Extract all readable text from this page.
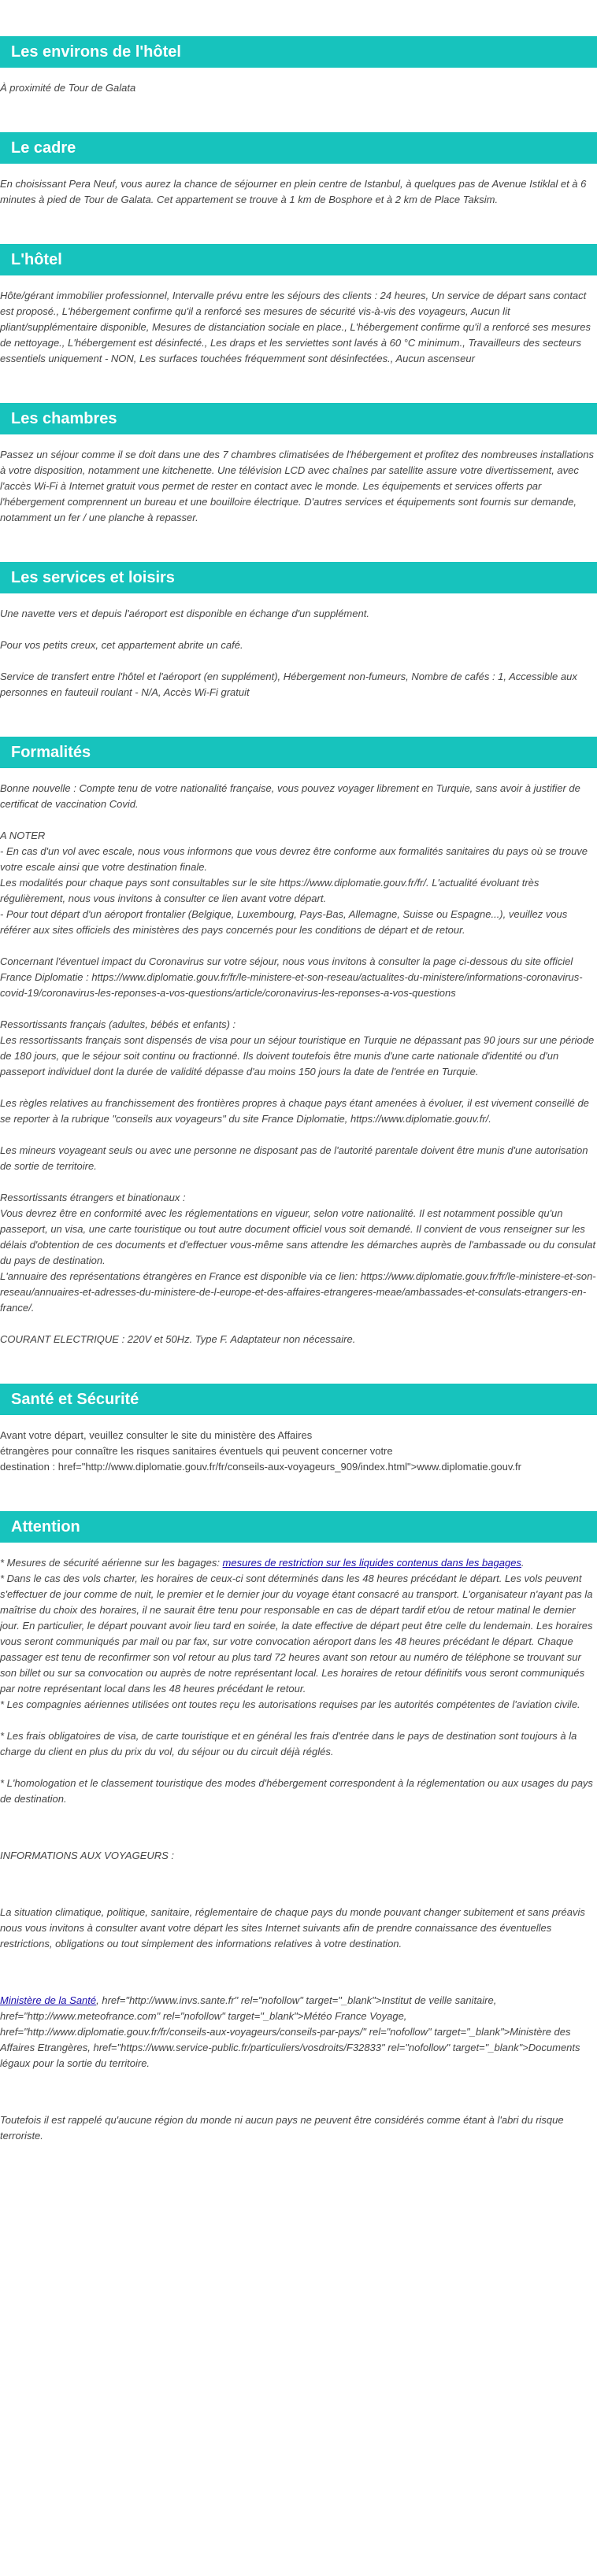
Les environs de l'hôtel

À proximité de Tour de Galata

Le cadre

En choisissant Pera Neuf, vous aurez la chance de séjourner en plein centre de Istanbul, à quelques pas de Avenue Istiklal et à 6 minutes à pied de Tour de Galata. Cet appartement se trouve à 1 km de Bosphore et à 2 km de Place Taksim.

L'hôtel

Hôte/gérant immobilier professionnel, Intervalle prévu entre les séjours des clients : 24 heures, Un service de départ sans contact est proposé., L'hébergement confirme qu'il a renforcé ses mesures de sécurité vis-à-vis des voyageurs, Aucun lit pliant/supplémentaire disponible, Mesures de distanciation sociale en place., L'hébergement confirme qu'il a renforcé ses mesures de nettoyage., L'hébergement est désinfecté., Les draps et les serviettes sont lavés à 60 °C minimum., Travailleurs des secteurs essentiels uniquement - NON, Les surfaces touchées fréquemment sont désinfectées., Aucun ascenseur

Les chambres

Passez un séjour comme il se doit dans une des 7 chambres climatisées de l'hébergement et profitez des nombreuses installations à votre disposition, notamment une kitchenette. Une télévision LCD avec chaînes par satellite assure votre divertissement, avec l'accès Wi-Fi à Internet gratuit vous permet de rester en contact avec le monde. Les équipements et services offerts par l'hébergement comprennent un bureau et une bouilloire électrique. D'autres services et équipements sont fournis sur demande, notamment un fer / une planche à repasser.

Les services et loisirs

Une navette vers et depuis l'aéroport est disponible en échange d'un supplément.

Pour vos petits creux, cet appartement abrite un café.

Service de transfert entre l'hôtel et l'aéroport (en supplément), Hébergement non-fumeurs, Nombre de cafés : 1, Accessible aux personnes en fauteuil roulant - N/A, Accès Wi-Fi gratuit

Formalités

Bonne nouvelle : Compte tenu de votre nationalité française, vous pouvez voyager librement en Turquie, sans avoir à justifier de certificat de vaccination Covid.

A NOTER

- En cas d'un vol avec escale, nous vous informons que vous devrez être conforme aux formalités sanitaires du pays où se trouve votre escale ainsi que votre destination finale.

Les modalités pour chaque pays sont consultables sur le site https://www.diplomatie.gouv.fr/fr/. L'actualité évoluant très régulièrement, nous vous invitons à consulter ce lien avant votre départ.

- Pour tout départ d'un aéroport frontalier (Belgique, Luxembourg, Pays-Bas, Allemagne, Suisse ou Espagne...), veuillez vous référer aux sites officiels des ministères des pays concernés pour les conditions de départ et de retour.

Concernant l'éventuel impact du Coronavirus sur votre séjour, nous vous invitons à consulter la page ci-dessous du site officiel France Diplomatie : https://www.diplomatie.gouv.fr/fr/le-ministere-et-son-reseau/actualites-du-ministere/informations-coronavirus-covid-19/coronavirus-les-reponses-a-vos-questions/article/coronavirus-les-reponses-a-vos-questions

Ressortissants français (adultes, bébés et enfants) :

Les ressortissants français sont dispensés de visa pour un séjour touristique en Turquie ne dépassant pas 90 jours sur une période de 180 jours, que le séjour soit continu ou fractionné. Ils doivent toutefois être munis d'une carte nationale d'identité ou d'un passeport individuel dont la durée de validité dépasse d'au moins 150 jours la date de l'entrée en Turquie.

Les règles relatives au franchissement des frontières propres à chaque pays étant amenées à évoluer, il est vivement conseillé de se reporter à la rubrique "conseils aux voyageurs" du site France Diplomatie, https://www.diplomatie.gouv.fr/.

Les mineurs voyageant seuls ou avec une personne ne disposant pas de l'autorité parentale doivent être munis d'une autorisation de sortie de territoire.

Ressortissants étrangers et binationaux :

Vous devrez être en conformité avec les réglementations en vigueur, selon votre nationalité. Il est notamment possible qu'un passeport, un visa, une carte touristique ou tout autre document officiel vous soit demandé. Il convient de vous renseigner sur les délais d'obtention de ces documents et d'effectuer vous-même sans attendre les démarches auprès de l'ambassade ou du consulat du pays de destination.

L'annuaire des représentations étrangères en France est disponible via ce lien: https://www.diplomatie.gouv.fr/fr/le-ministere-et-son-reseau/annuaires-et-adresses-du-ministere-de-l-europe-et-des-affaires-etrangeres-meae/ambassades-et-consulats-etrangers-en-france/.

COURANT ELECTRIQUE : 220V et 50Hz. Type F. Adaptateur non nécessaire.

Santé et Sécurité

Avant votre départ, veuillez consulter le site du ministère des Affaires

étrangères pour connaître les risques sanitaires éventuels qui peuvent concerner votre

destination : href="http://www.diplomatie.gouv.fr/fr/conseils-aux-voyageurs_909/index.html">www.diplomatie.gouv.fr

Attention

* Mesures de sécurité aérienne sur les bagages: mesures de restriction sur les liquides contenus dans les bagages.

* Dans le cas des vols charter, les horaires de ceux-ci sont déterminés dans les 48 heures précédant le départ. Les vols peuvent s'effectuer de jour comme de nuit, le premier et le dernier jour du voyage étant consacré au transport. L'organisateur n'ayant pas la maîtrise du choix des horaires, il ne saurait être tenu pour responsable en cas de départ tardif et/ou de retour matinal le dernier jour. En particulier, le départ pouvant avoir lieu tard en soirée, la date effective de départ peut être celle du lendemain. Les horaires vous seront communiqués par mail ou par fax, sur votre convocation aéroport dans les 48 heures précédant le départ. Chaque passager est tenu de reconfirmer son vol retour au plus tard 72 heures avant son retour au numéro de téléphone se trouvant sur son billet ou sur sa convocation ou auprès de notre représentant local. Les horaires de retour définitifs vous seront communiqués par notre représentant local dans les 48 heures précédant le retour.

* Les compagnies aériennes utilisées ont toutes reçu les autorisations requises par les autorités compétentes de l'aviation civile.

* Les frais obligatoires de visa, de carte touristique et en général les frais d'entrée dans le pays de destination sont toujours à la charge du client en plus du prix du vol, du séjour ou du circuit déjà réglés.

* L'homologation et le classement touristique des modes d'hébergement correspondent à la réglementation ou aux usages du pays de destination.

INFORMATIONS AUX VOYAGEURS :

La situation climatique, politique, sanitaire, réglementaire de chaque pays du monde pouvant changer subitement et sans préavis

nous vous invitons à consulter avant votre départ les sites Internet suivants afin de prendre connaissance des éventuelles restrictions, obligations ou tout simplement des informations relatives à votre destination.

Ministère de la Santé, href="http://www.invs.sante.fr" rel="nofollow" target="_blank">Institut de veille sanitaire, href="http://www.meteofrance.com" rel="nofollow" target="_blank">Météo France Voyage, href="http://www.diplomatie.gouv.fr/fr/conseils-aux-voyageurs/conseils-par-pays/" rel="nofollow" target="_blank">Ministère des Affaires Etrangères, href="https://www.service-public.fr/particuliers/vosdroits/F32833" rel="nofollow" target="_blank">Documents légaux pour la sortie du territoire.

Toutefois il est rappelé qu'aucune région du monde ni aucun pays ne peuvent être considérés comme étant à l'abri du risque terroriste.
